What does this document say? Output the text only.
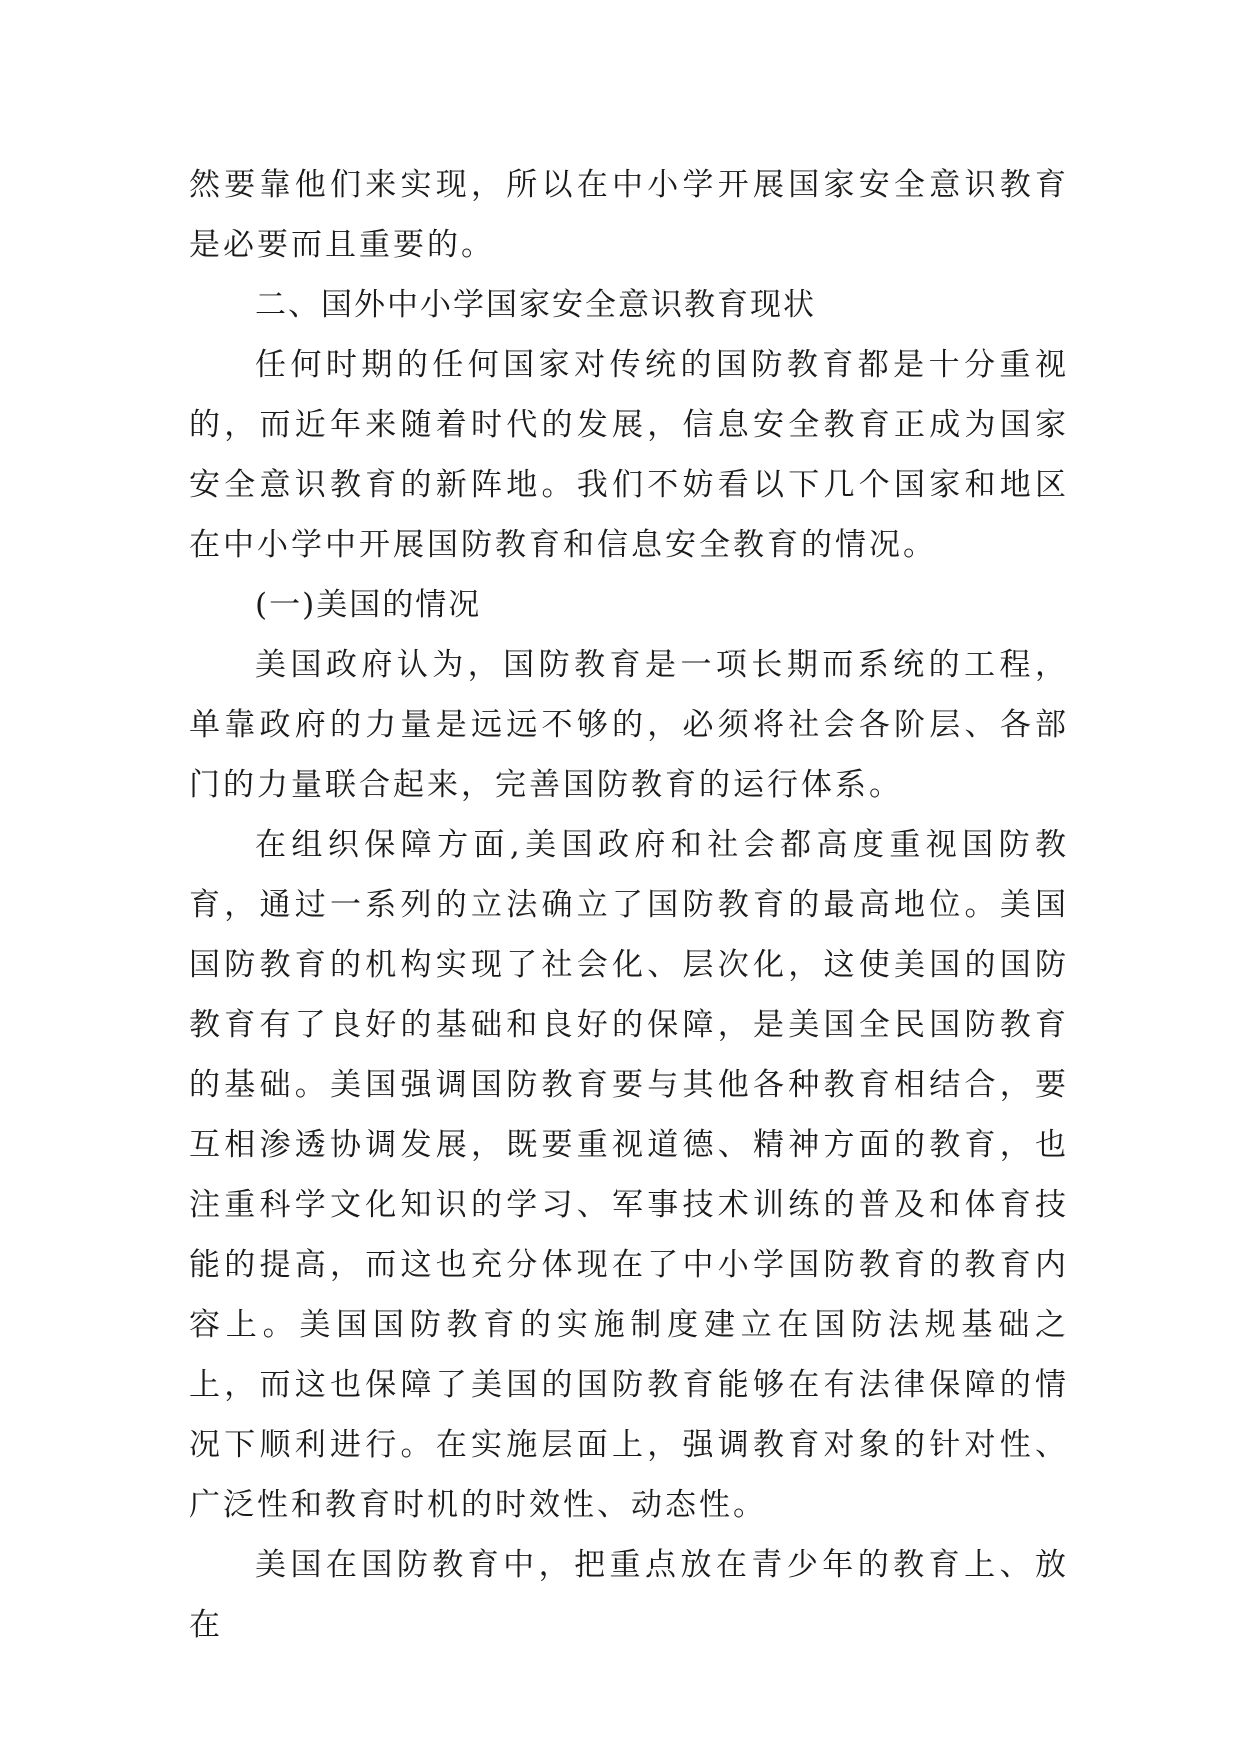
然要靠他们来实现，所以在中小学开展国家安全意识教育是必要而且重要的。

二、国外中小学国家安全意识教育现状

任何时期的任何国家对传统的国防教育都是十分重视的，而近年来随着时代的发展，信息安全教育正成为国家安全意识教育的新阵地。我们不妨看以下几个国家和地区在中小学中开展国防教育和信息安全教育的情况。

(一)美国的情况

美国政府认为，国防教育是一项长期而系统的工程，单靠政府的力量是远远不够的，必须将社会各阶层、各部门的力量联合起来，完善国防教育的运行体系。

在组织保障方面,美国政府和社会都高度重视国防教育，通过一系列的立法确立了国防教育的最高地位。美国国防教育的机构实现了社会化、层次化，这使美国的国防教育有了良好的基础和良好的保障，是美国全民国防教育的基础。美国强调国防教育要与其他各种教育相结合，要互相渗透协调发展，既要重视道德、精神方面的教育，也注重科学文化知识的学习、军事技术训练的普及和体育技能的提高，而这也充分体现在了中小学国防教育的教育内容上。美国国防教育的实施制度建立在国防法规基础之上，而这也保障了美国的国防教育能够在有法律保障的情况下顺利进行。在实施层面上，强调教育对象的针对性、广泛性和教育时机的时效性、动态性。

美国在国防教育中，把重点放在青少年的教育上、放在
